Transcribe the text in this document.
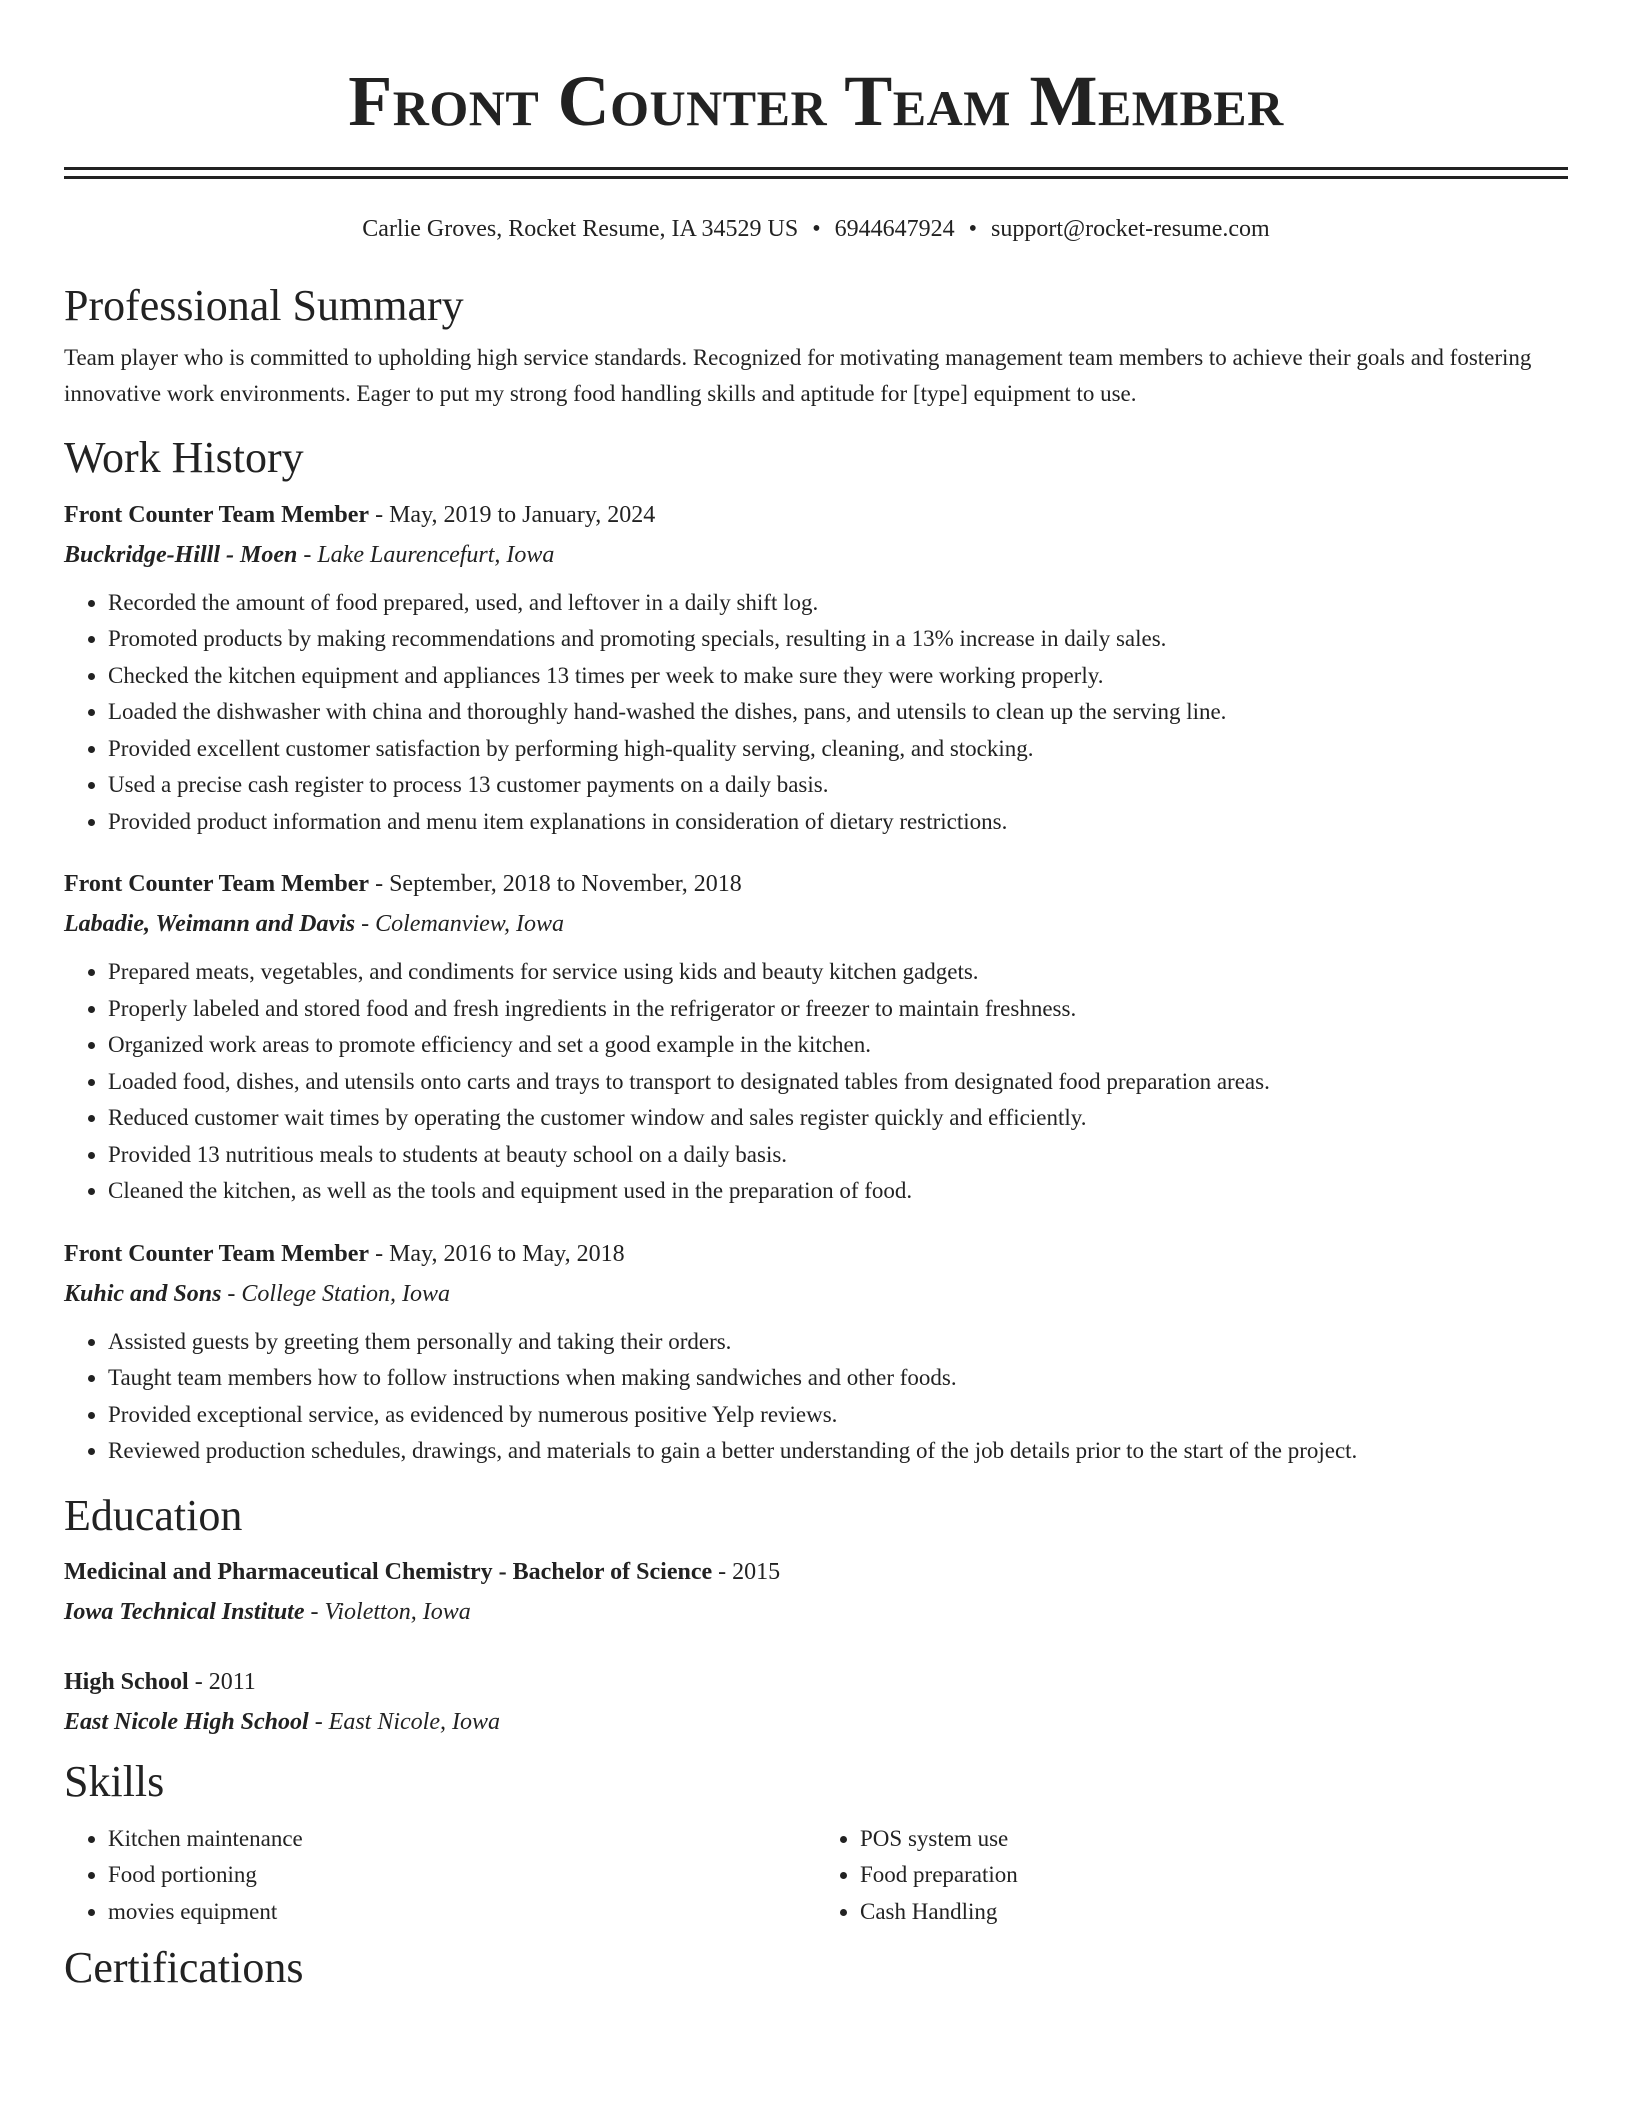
Front Counter Team Member
Carlie Groves, Rocket Resume, IA 34529 US • 6944647924 • support@rocket-resume.com
Professional Summary
Team player who is committed to upholding high service standards. Recognized for motivating management team members to achieve their goals and fostering innovative work environments. Eager to put my strong food handling skills and aptitude for [type] equipment to use.
Work History
Front Counter Team Member - May, 2019 to January, 2024
Buckridge-Hilll - Moen - Lake Laurencefurt, Iowa
• Recorded the amount of food prepared, used, and leftover in a daily shift log.
• Promoted products by making recommendations and promoting specials, resulting in a 13% increase in daily sales.
• Checked the kitchen equipment and appliances 13 times per week to make sure they were working properly.
• Loaded the dishwasher with china and thoroughly hand-washed the dishes, pans, and utensils to clean up the serving line.
• Provided excellent customer satisfaction by performing high-quality serving, cleaning, and stocking.
• Used a precise cash register to process 13 customer payments on a daily basis.
• Provided product information and menu item explanations in consideration of dietary restrictions.
Front Counter Team Member - September, 2018 to November, 2018
Labadie, Weimann and Davis - Colemanview, Iowa
• Prepared meats, vegetables, and condiments for service using kids and beauty kitchen gadgets.
• Properly labeled and stored food and fresh ingredients in the refrigerator or freezer to maintain freshness.
• Organized work areas to promote efficiency and set a good example in the kitchen.
• Loaded food, dishes, and utensils onto carts and trays to transport to designated tables from designated food preparation areas.
• Reduced customer wait times by operating the customer window and sales register quickly and efficiently.
• Provided 13 nutritious meals to students at beauty school on a daily basis.
• Cleaned the kitchen, as well as the tools and equipment used in the preparation of food.
Front Counter Team Member - May, 2016 to May, 2018
Kuhic and Sons - College Station, Iowa
• Assisted guests by greeting them personally and taking their orders.
• Taught team members how to follow instructions when making sandwiches and other foods.
• Provided exceptional service, as evidenced by numerous positive Yelp reviews.
• Reviewed production schedules, drawings, and materials to gain a better understanding of the job details prior to the start of the project.
Education
Medicinal and Pharmaceutical Chemistry - Bachelor of Science - 2015
Iowa Technical Institute - Violetton, Iowa
High School - 2011
East Nicole High School - East Nicole, Iowa
Skills
• Kitchen maintenance
• Food portioning
• movies equipment
• POS system use
• Food preparation
• Cash Handling
Certifications
